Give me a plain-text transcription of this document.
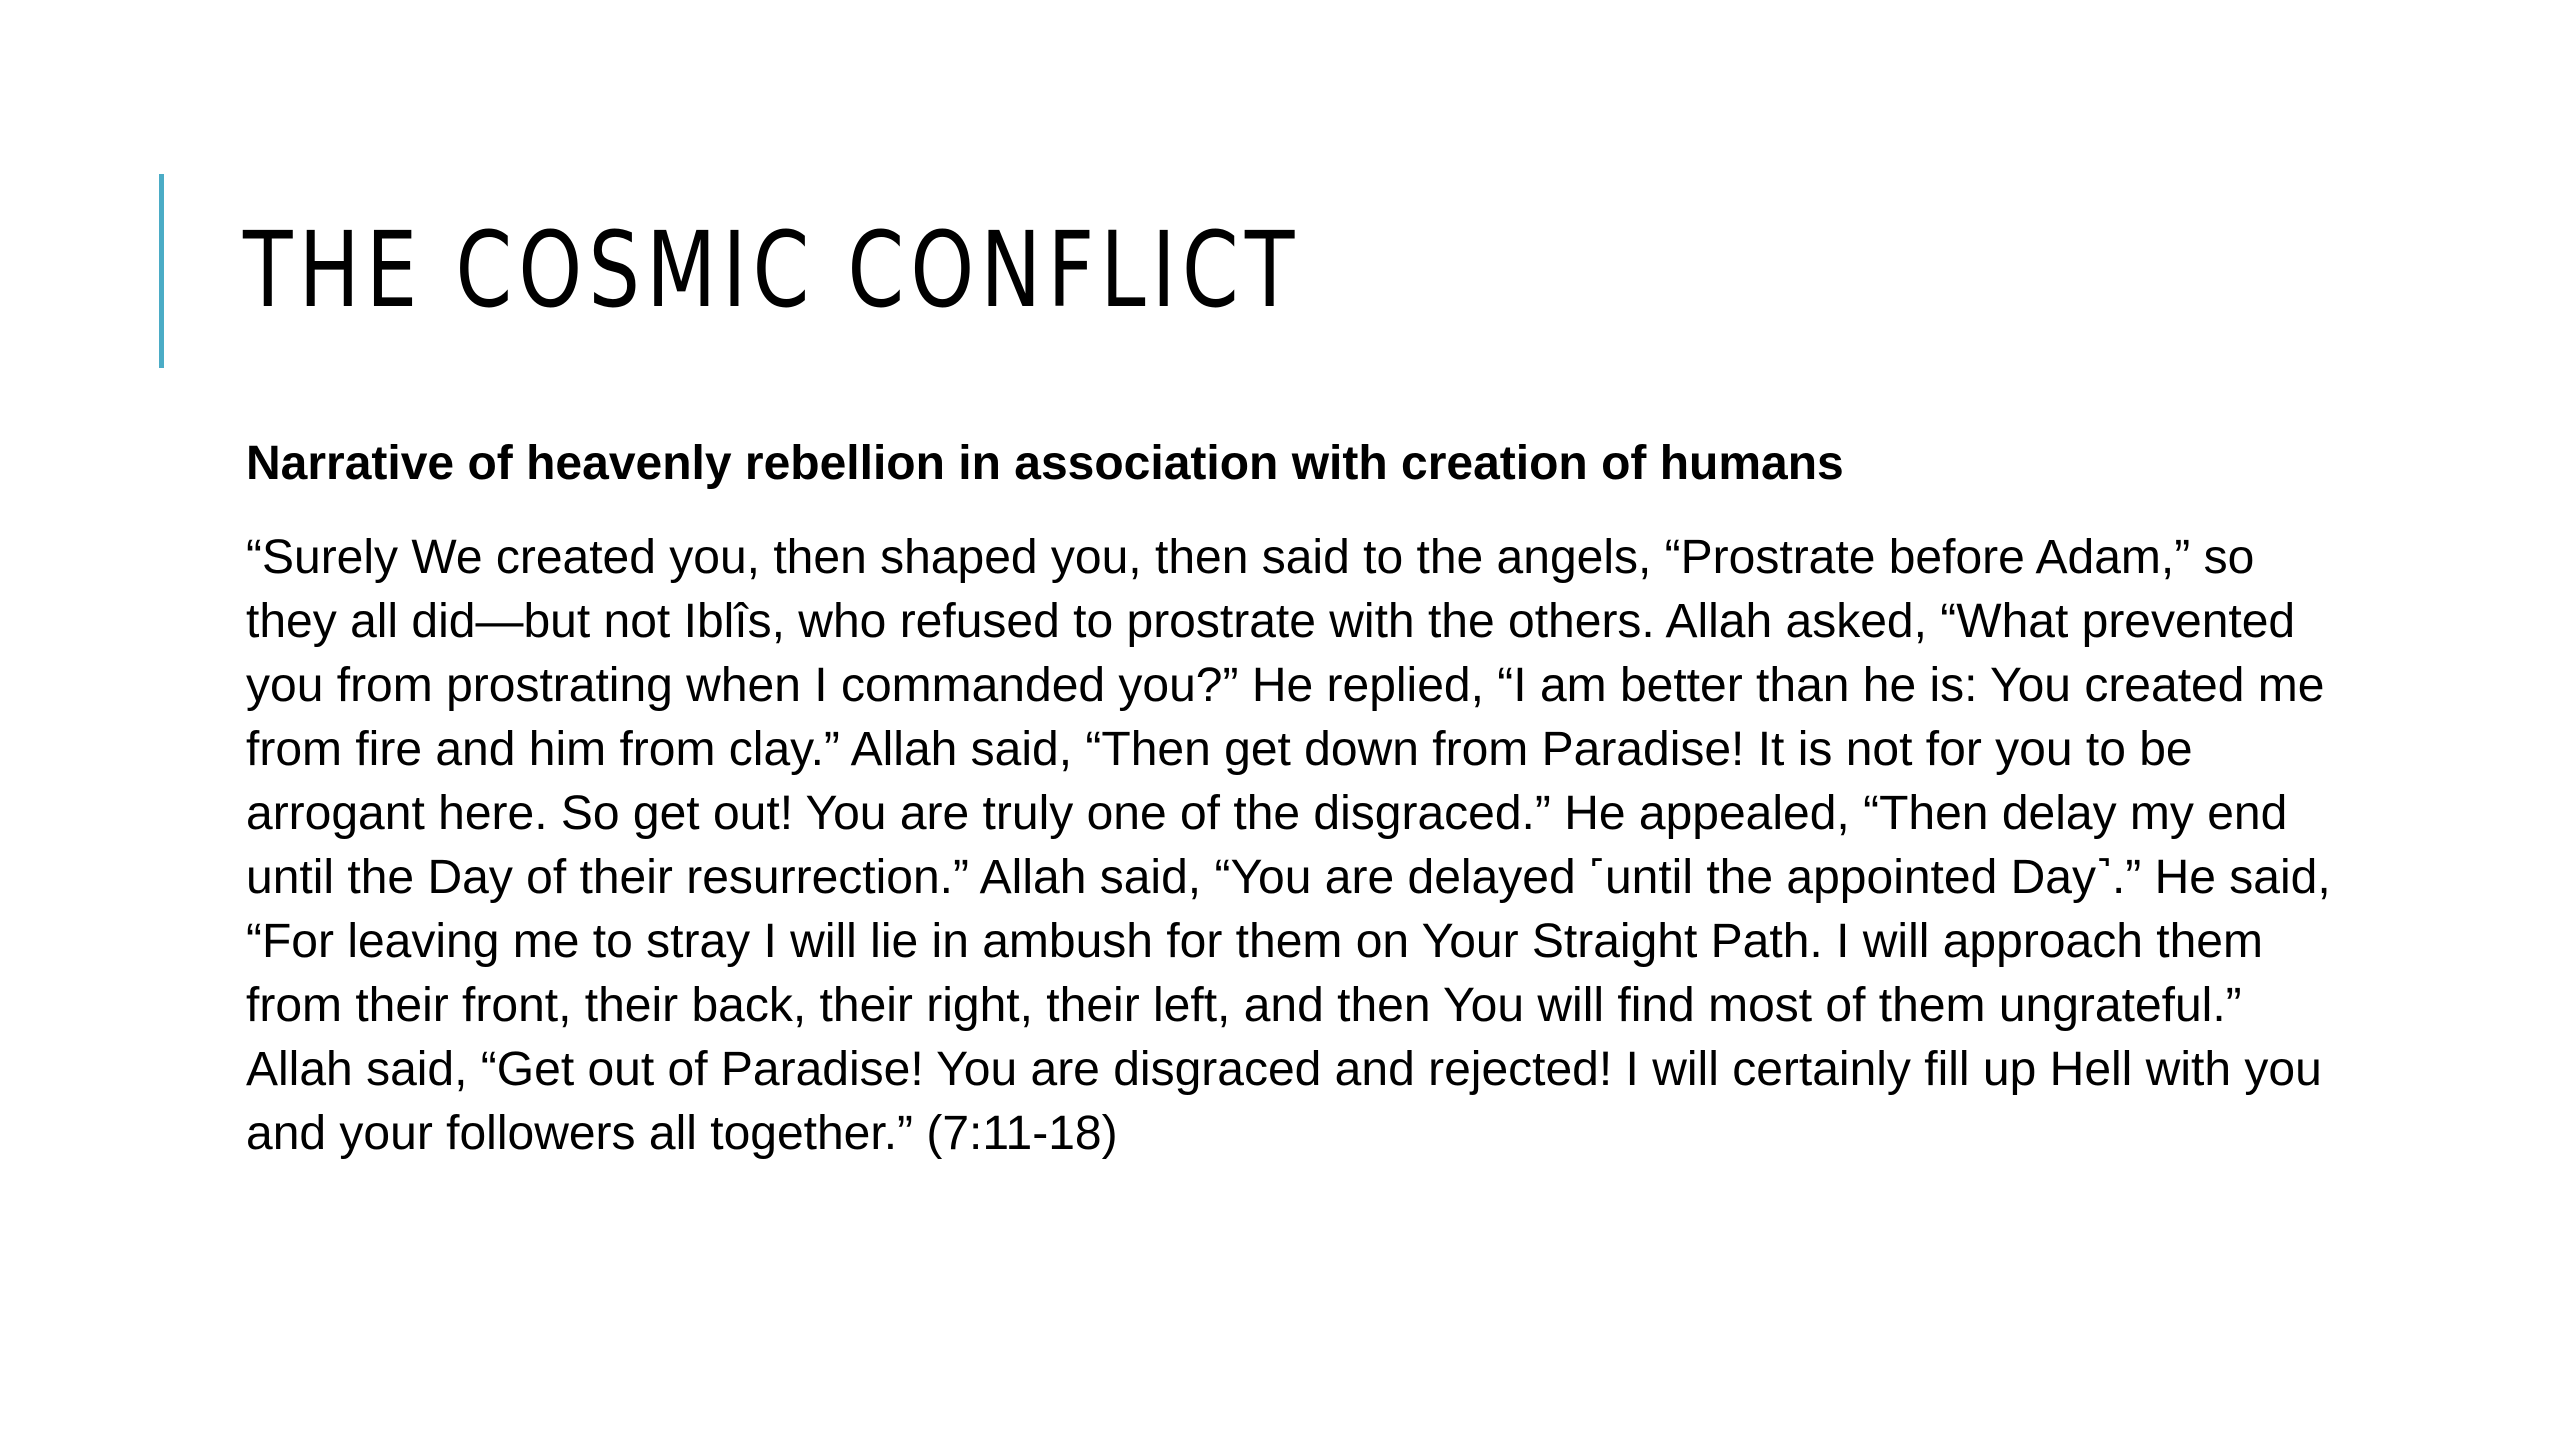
THE COSMIC CONFLICT

Narrative of heavenly rebellion in association with creation of humans

“Surely We created you, then shaped you, then said to the angels, “Prostrate before Adam,” so they all did—but not Iblîs, who refused to prostrate with the others. Allah asked, “What prevented you from prostrating when I commanded you?” He replied, “I am better than he is: You created me from fire and him from clay.” Allah said, “Then get down from Paradise! It is not for you to be arrogant here. So get out! You are truly one of the disgraced.” He appealed, “Then delay my end until the Day of their resurrection.” Allah said, “You are delayed ˹until the appointed Day˺.” He said, “For leaving me to stray I will lie in ambush for them on Your Straight Path. I will approach them from their front, their back, their right, their left, and then You will find most of them ungrateful.” Allah said, “Get out of Paradise! You are disgraced and rejected! I will certainly fill up Hell with you and your followers all together.” (7:11-18)
